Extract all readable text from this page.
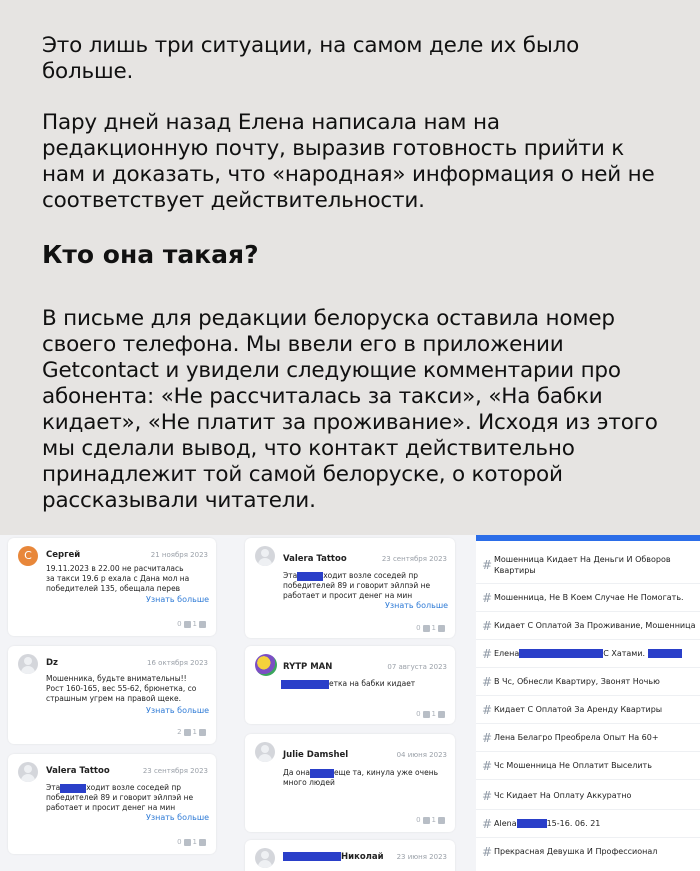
Это лишь три ситуации, на самом деле их было больше.
Пару дней назад Елена написала нам на редакционную почту, выразив готовность прийти к нам и доказать, что «народная» информация о ней не соответствует действительности.
Кто она такая?
В письме для редакции белоруска оставила номер своего телефона. Мы ввели его в приложении Getcontact и увидели следующие комментарии про абонента: «Не рассчиталась за такси», «На бабки кидает», «Не платит за проживание». Исходя из этого мы сделали вывод, что контакт действительно принадлежит той самой белоруске, о которой рассказывали читатели.
С	Сергей	21 ноября 2023
19.11.2023 в 22.00 не расчиталась
за такси 19.6 р ехала с Дана мол на
победителей 135, обещала перев
Узнать больше
0 1
Dz	16 октября 2023
Мошенника, будьте внимательны!!
Рост 160-165, вес 55-62, брюнетка, со
страшным угрем на правой щеке.
Узнать больше
2 1
Valera Tattoo	23 сентября 2023
Эта	ходит возле соседей пр
победителей 89 и говорит эйлпэй не
работает и просит денег на мин
Узнать больше
0 1
Valera Tattoo	23 сентября 2023
Эта	ходит возле соседей пр
победителей 89 и говорит эйлпэй не
работает и просит денег на мин
Узнать больше
0 1
RYTP MAN	07 августа 2023
етка на бабки кидает
0 1
Julie Damshel	04 июня 2023
Да она	еще та, кинула уже очень
много людей
0 1
Николай 23 июня 2023
# Мошенница Кидает На Деньги И Обворов Квартиры
# Мошенница, Не В Коем Случае Не Помогать.
# Кидает С Оплатой За Проживание, Мошенница
# Елена	С Хатами.
# В Чс, Обнесли Квартиру, Звонят Ночью
# Кидает С Оплатой За Аренду Квартиры
# Лена Белагро Преобрела Опыт На 60+
# Чс Мошенница Не Оплатит Выселить
# Чс Кидает На Оплату Аккуратно
# Alena	15-16. 06. 21
# Прекрасная Девушка И Профессионал
